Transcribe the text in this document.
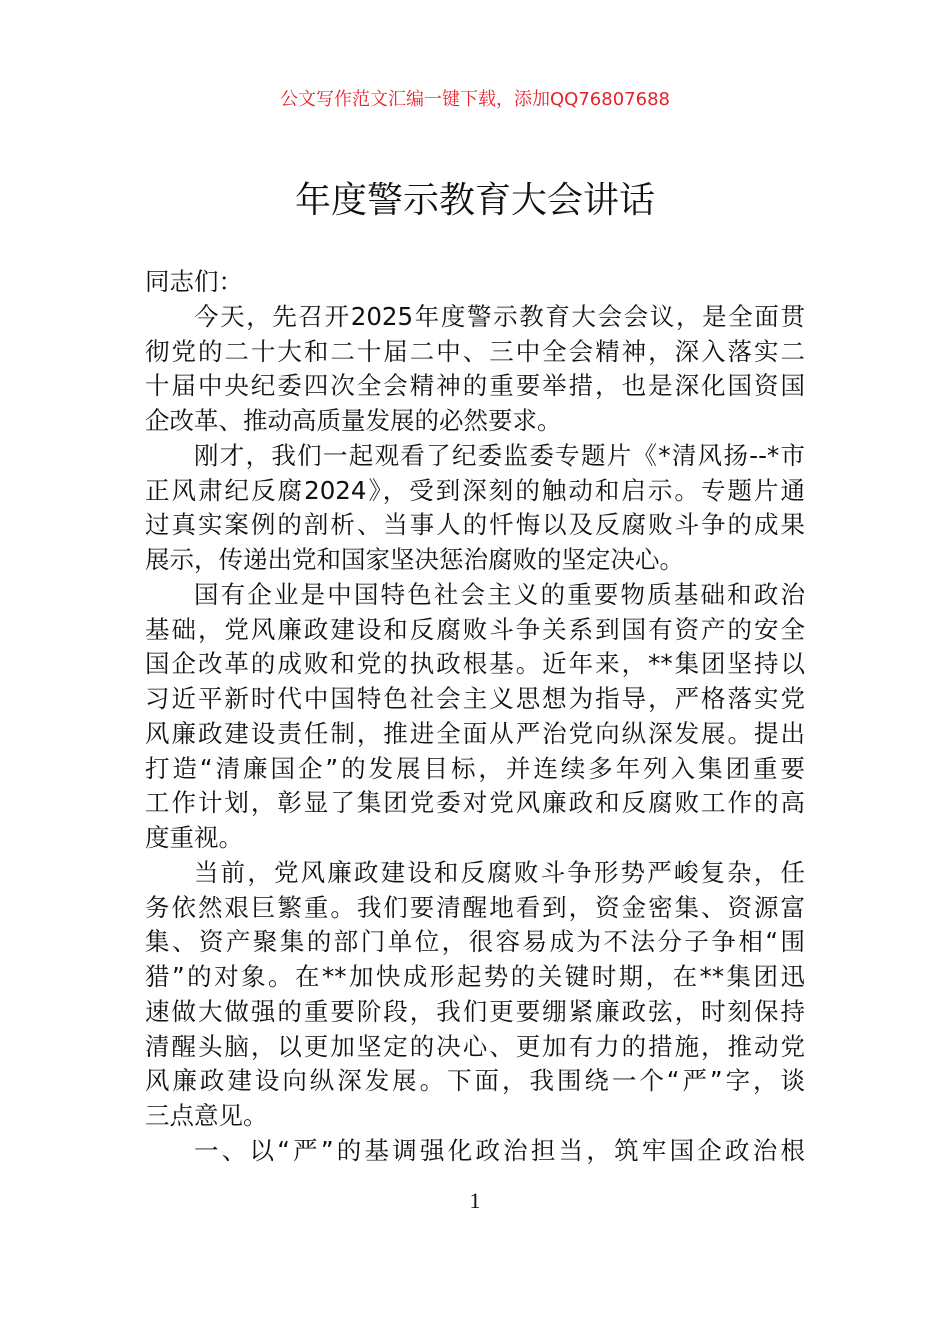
公文写作范文汇编一键下载，添加QQ76807688
年度警示教育大会讲话
同志们：
今天，先召开2025年度警示教育大会会议，是全面贯
彻党的二十大和二十届二中、三中全会精神，深入落实二
十届中央纪委四次全会精神的重要举措，也是深化国资国
企改革、推动高质量发展的必然要求。
刚才，我们一起观看了纪委监委专题片《*清风扬--*市
正风肃纪反腐2024》，受到深刻的触动和启示。专题片通
过真实案例的剖析、当事人的忏悔以及反腐败斗争的成果
展示，传递出党和国家坚决惩治腐败的坚定决心。
国有企业是中国特色社会主义的重要物质基础和政治
基础，党风廉政建设和反腐败斗争关系到国有资产的安全
国企改革的成败和党的执政根基。近年来，**集团坚持以
习近平新时代中国特色社会主义思想为指导，严格落实党
风廉政建设责任制，推进全面从严治党向纵深发展。提出
打造“清廉国企”的发展目标，并连续多年列入集团重要
工作计划，彰显了集团党委对党风廉政和反腐败工作的高
度重视。
当前，党风廉政建设和反腐败斗争形势严峻复杂，任
务依然艰巨繁重。我们要清醒地看到，资金密集、资源富
集、资产聚集的部门单位，很容易成为不法分子争相“围
猎”的对象。在**加快成形起势的关键时期，在**集团迅
速做大做强的重要阶段，我们更要绷紧廉政弦，时刻保持
清醒头脑，以更加坚定的决心、更加有力的措施，推动党
风廉政建设向纵深发展。下面，我围绕一个“严”字，谈
三点意见。
一、以“严”的基调强化政治担当，筑牢国企政治根
1
